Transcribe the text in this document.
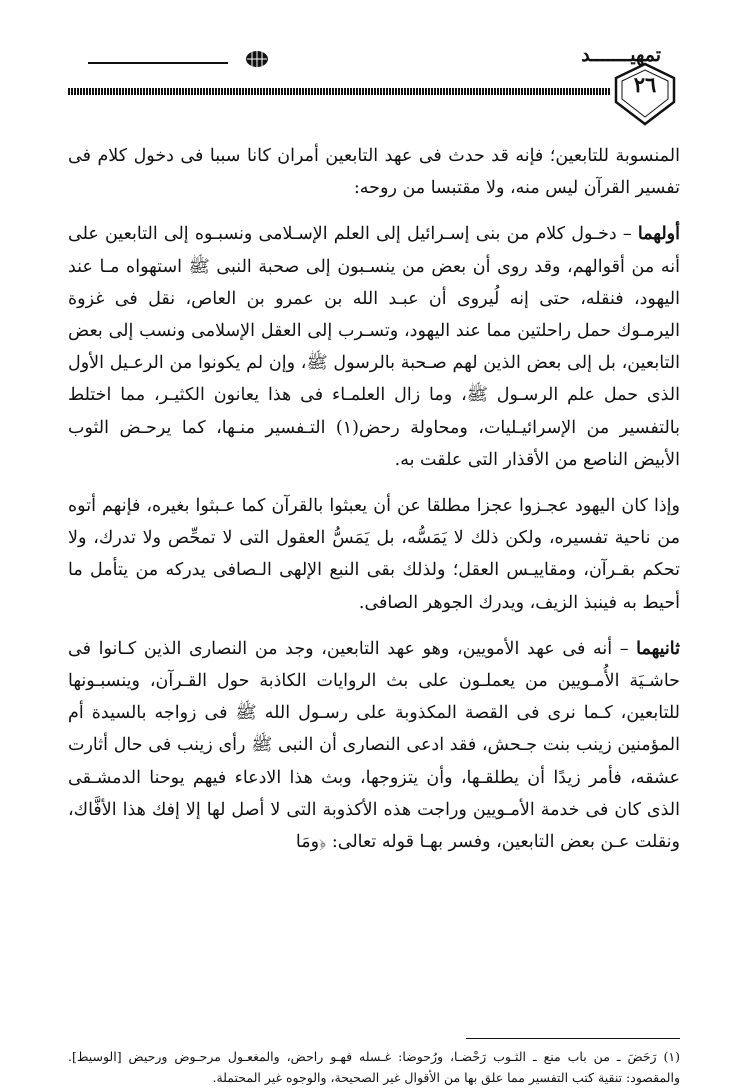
تمهيـــــــد
٢٦

المنسوبة للتابعين؛ فإنه قد حدث فى عهد التابعين أمران كانا سببا فى دخول كلام فى تفسير القرآن ليس منه، ولا مقتبسا من روحه:

أولهما – دخـول كلام من بنى إسـرائيل إلى العلم الإسـلامى ونسبـوه إلى التابعين على أنه من أقوالهم، وقد روى أن بعض من ينسـبون إلى صحبة النبى ﷺ استهواه مـا عند اليهود، فنقله، حتى إنه لُيروى أن عبـد الله بن عمرو بن العاص، نقل فى غزوة اليرمـوك حمل راحلتين مما عند اليهود، وتسـرب إلى العقل الإسلامى ونسب إلى بعض التابعين، بل إلى بعض الذين لهم صـحبة بالرسول ﷺ، وإن لم يكونوا من الرعـيل الأول الذى حمل علم الرسـول ﷺ، وما زال العلمـاء فى هذا يعانون الكثيـر، مما اختلط بالتفسير من الإسرائيـليات، ومحاولة رحض(١) التـفسير منـها، كما يرحـض الثوب الأبيض الناصع من الأقذار التى علقت به.

وإذا كان اليهود عجـزوا عجزا مطلقا عن أن يعبثوا بالقرآن كما عـبثوا بغيره، فإنهم أتوه من ناحية تفسيره، ولكن ذلك لا يَمَسُّه، بل يَمَسُّ العقول التى لا تمحِّص ولا تدرك، ولا تحكم بقـرآن، ومقاييـس العقل؛ ولذلك بقى النبع الإلهى الـصافى يدركه من يتأمل ما أحيط به فينبذ الزيف، ويدرك الجوهر الصافى.

ثانيهما – أنه فى عهد الأمويين، وهو عهد التابعين، وجد من النصارى الذين كـانوا فى حاشـيَة الأُمـويين من يعملـون على بث الروايات الكاذبة حول القـرآن، وينسبـونها للتابعين، كـما نرى فى القصة المكذوبة على رسـول الله ﷺ فى زواجه بالسيدة أم المؤمنين زينب بنت جـحش، فقد ادعى النصارى أن النبى ﷺ رأى زينب فى حال أثارت عشقه، فأمر زيدًا أن يطلقـها، وأن يتزوجها، وبث هذا الادعاء فيهم يوحنا الدمشـقى الذى كان فى خدمة الأمـويين وراجت هذه الأكذوبة التى لا أصل لها إلا إفك هذا الأفَّاك، ونقلت عـن بعض التابعين، وفسر بهـا قوله تعالى: ﴿ومَا

(١) رَحَضَ ـ من باب منع ـ الثـوب رَحْضـا، ورُحوضا: غـسله فهـو راحض، والمغعـول مرحـوض ورحيض [الوسيط]. والمقصود: تنقية كتب التفسير مما علق بها من الأقوال غير الصحيحة، والوجوه غير المحتملة.
